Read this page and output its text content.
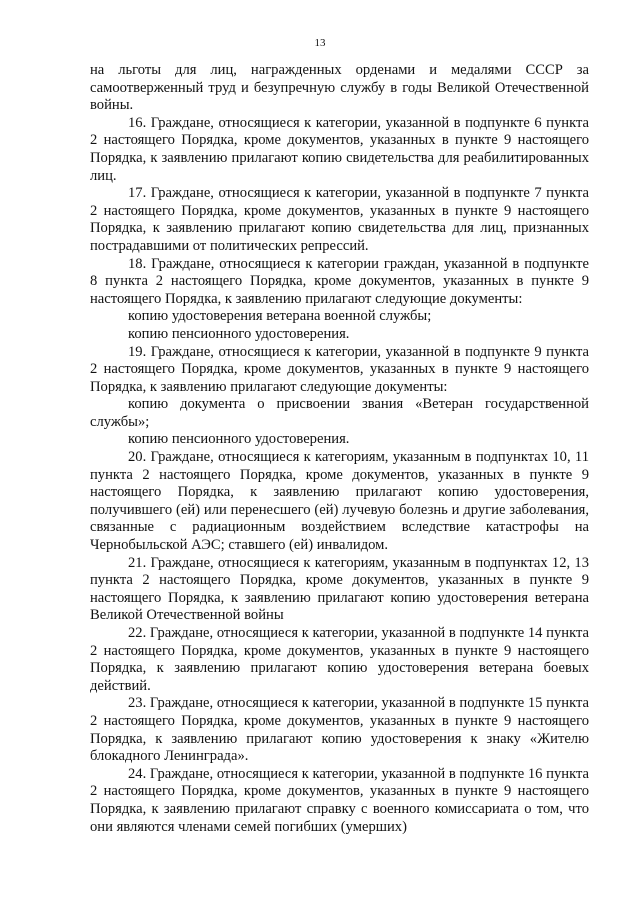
13

на льготы для лиц, награжденных орденами и медалями СССР за самоотверженный труд и безупречную службу в годы Великой Отечественной войны.

16. Граждане, относящиеся к категории, указанной в подпункте 6 пункта 2 настоящего Порядка, кроме документов, указанных в пункте 9 настоящего Порядка, к заявлению прилагают копию свидетельства для реабилитированных лиц.

17. Граждане, относящиеся к категории, указанной в подпункте 7 пункта 2 настоящего Порядка, кроме документов, указанных в пункте 9 настоящего Порядка, к заявлению прилагают копию свидетельства для лиц, признанных пострадавшими от политических репрессий.

18. Граждане, относящиеся к категории граждан, указанной в подпункте 8 пункта 2 настоящего Порядка, кроме документов, указанных в пункте 9 настоящего Порядка, к заявлению прилагают следующие документы:

копию удостоверения ветерана военной службы;

копию пенсионного удостоверения.

19. Граждане, относящиеся к категории, указанной в подпункте 9 пункта 2 настоящего Порядка, кроме документов, указанных в пункте 9 настоящего Порядка, к заявлению прилагают следующие документы:

копию документа о присвоении звания «Ветеран государственной службы»;

копию пенсионного удостоверения.

20. Граждане, относящиеся к категориям, указанным в подпунктах 10, 11 пункта 2 настоящего Порядка, кроме документов, указанных в пункте 9 настоящего Порядка, к заявлению прилагают копию удостоверения, получившего (ей) или перенесшего (ей) лучевую болезнь и другие заболевания, связанные с радиационным воздействием вследствие катастрофы на Чернобыльской АЭС; ставшего (ей) инвалидом.

21. Граждане, относящиеся к категориям, указанным в подпунктах 12, 13 пункта 2 настоящего Порядка, кроме документов, указанных в пункте 9 настоящего Порядка, к заявлению прилагают копию удостоверения ветерана Великой Отечественной войны

22. Граждане, относящиеся к категории, указанной в подпункте 14 пункта 2 настоящего Порядка, кроме документов, указанных в пункте 9 настоящего Порядка, к заявлению прилагают копию удостоверения ветерана боевых действий.

23. Граждане, относящиеся к категории, указанной в подпункте 15 пункта 2 настоящего Порядка, кроме документов, указанных в пункте 9 настоящего Порядка, к заявлению прилагают копию удостоверения к знаку «Жителю блокадного Ленинграда».

24. Граждане, относящиеся к категории, указанной в подпункте 16 пункта 2 настоящего Порядка, кроме документов, указанных в пункте 9 настоящего Порядка, к заявлению прилагают справку с военного комиссариата о том, что они являются членами семей погибших (умерших)
